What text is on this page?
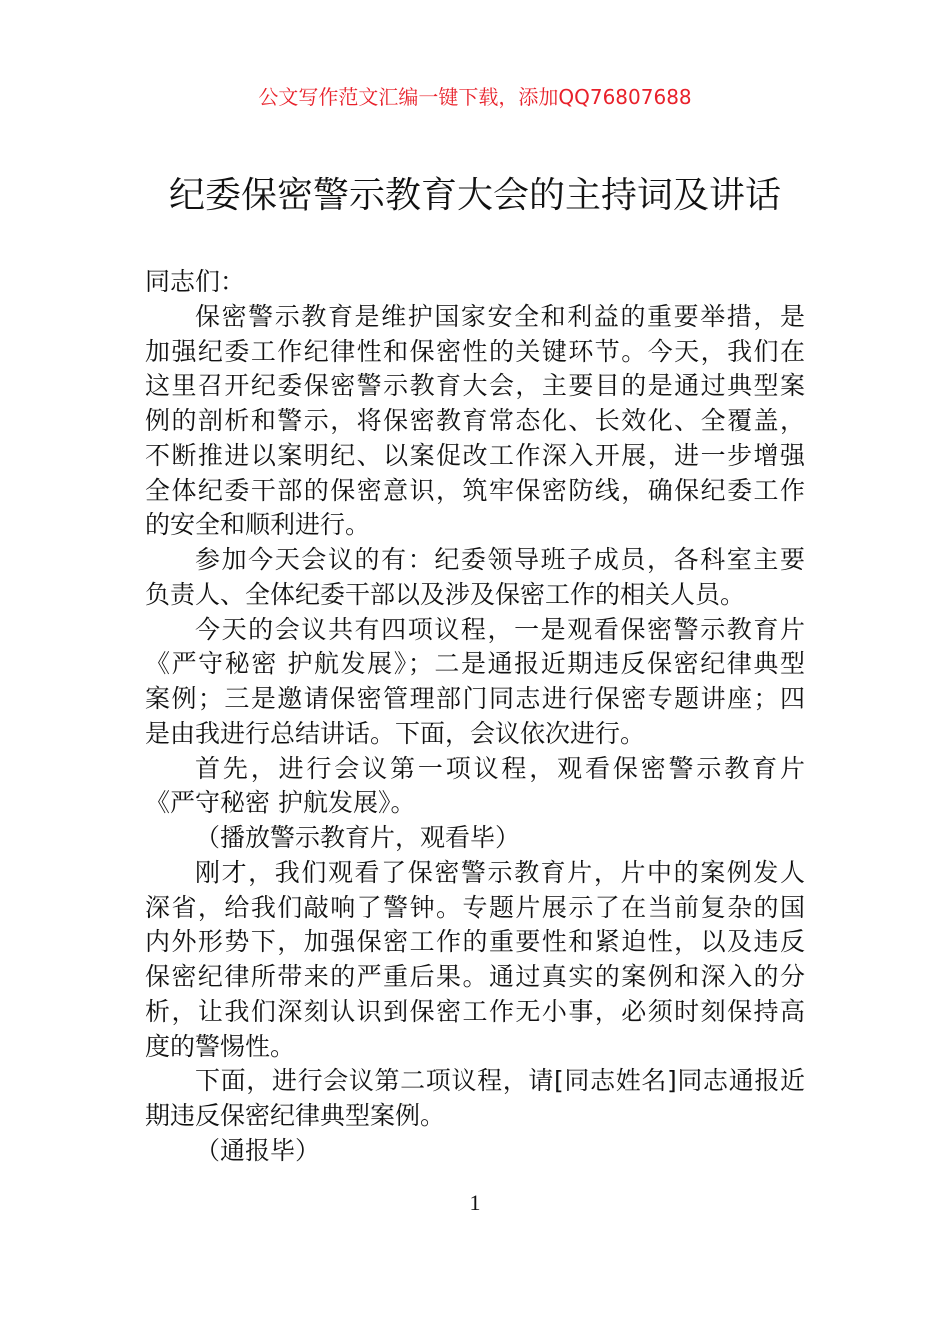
公文写作范文汇编一键下载，添加QQ76807688
纪委保密警示教育大会的主持词及讲话
同志们：
保密警示教育是维护国家安全和利益的重要举措，是
加强纪委工作纪律性和保密性的关键环节。今天，我们在
这里召开纪委保密警示教育大会，主要目的是通过典型案
例的剖析和警示，将保密教育常态化、长效化、全覆盖，
不断推进以案明纪、以案促改工作深入开展，进一步增强
全体纪委干部的保密意识，筑牢保密防线，确保纪委工作
的安全和顺利进行。
参加今天会议的有：纪委领导班子成员，各科室主要
负责人、全体纪委干部以及涉及保密工作的相关人员。
今天的会议共有四项议程，一是观看保密警示教育片
《严守秘密 护航发展》；二是通报近期违反保密纪律典型
案例；三是邀请保密管理部门同志进行保密专题讲座；四
是由我进行总结讲话。下面，会议依次进行。
首先，进行会议第一项议程，观看保密警示教育片
《严守秘密 护航发展》。
（播放警示教育片，观看毕）
刚才，我们观看了保密警示教育片，片中的案例发人
深省，给我们敲响了警钟。专题片展示了在当前复杂的国
内外形势下，加强保密工作的重要性和紧迫性，以及违反
保密纪律所带来的严重后果。通过真实的案例和深入的分
析，让我们深刻认识到保密工作无小事，必须时刻保持高
度的警惕性。
下面，进行会议第二项议程，请[同志姓名]同志通报近
期违反保密纪律典型案例。
（通报毕）
1
